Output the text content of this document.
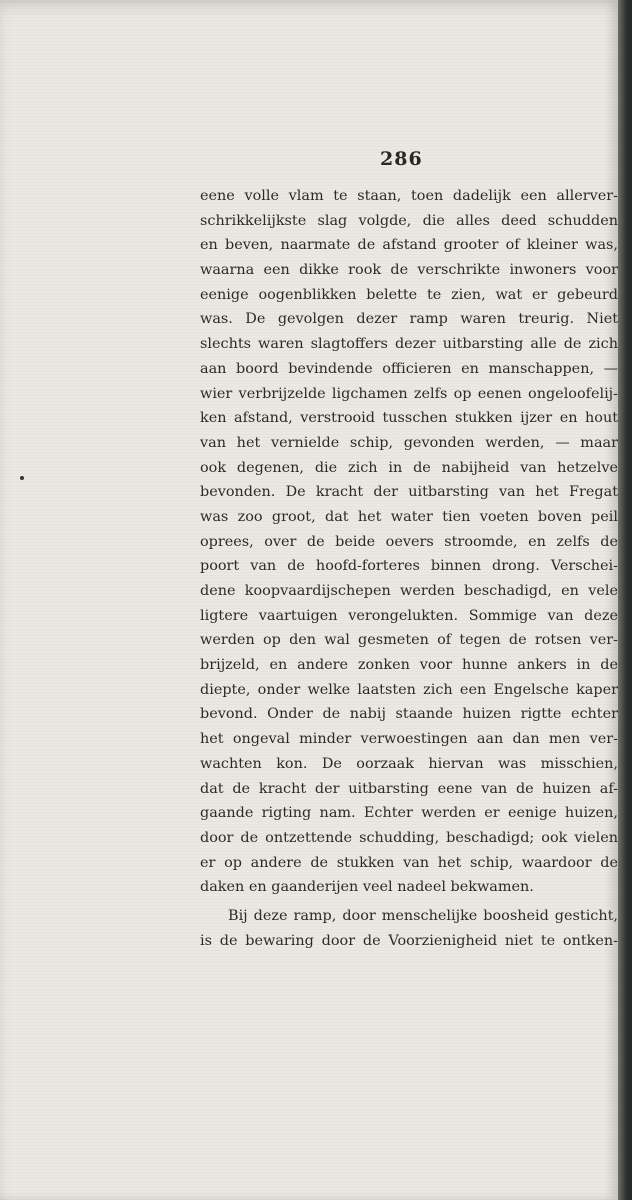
286
eene volle vlam te staan, toen dadelijk een allerver-
schrikkelijkste slag volgde, die alles deed schudden
en beven, naarmate de afstand grooter of kleiner was,
waarna een dikke rook de verschrikte inwoners voor
eenige oogenblikken belette te zien, wat er gebeurd
was. De gevolgen dezer ramp waren treurig. Niet
slechts waren slagtoffers dezer uitbarsting alle de zich
aan boord bevindende officieren en manschappen, —
wier verbrijzelde ligchamen zelfs op eenen ongeloofelij-
ken afstand, verstrooid tusschen stukken ijzer en hout
van het vernielde schip, gevonden werden, — maar
ook degenen, die zich in de nabijheid van hetzelve
bevonden. De kracht der uitbarsting van het Fregat
was zoo groot, dat het water tien voeten boven peil
oprees, over de beide oevers stroomde, en zelfs de
poort van de hoofd-forteres binnen drong. Verschei-
dene koopvaardijschepen werden beschadigd, en vele
ligtere vaartuigen verongelukten. Sommige van deze
werden op den wal gesmeten of tegen de rotsen ver-
brijzeld, en andere zonken voor hunne ankers in de
diepte, onder welke laatsten zich een Engelsche kaper
bevond. Onder de nabij staande huizen rigtte echter
het ongeval minder verwoestingen aan dan men ver-
wachten kon. De oorzaak hiervan was misschien,
dat de kracht der uitbarsting eene van de huizen af-
gaande rigting nam. Echter werden er eenige huizen,
door de ontzettende schudding, beschadigd; ook vielen
er op andere de stukken van het schip, waardoor de
daken en gaanderijen veel nadeel bekwamen.
Bij deze ramp, door menschelijke boosheid gesticht,
is de bewaring door de Voorzienigheid niet te ontken-
